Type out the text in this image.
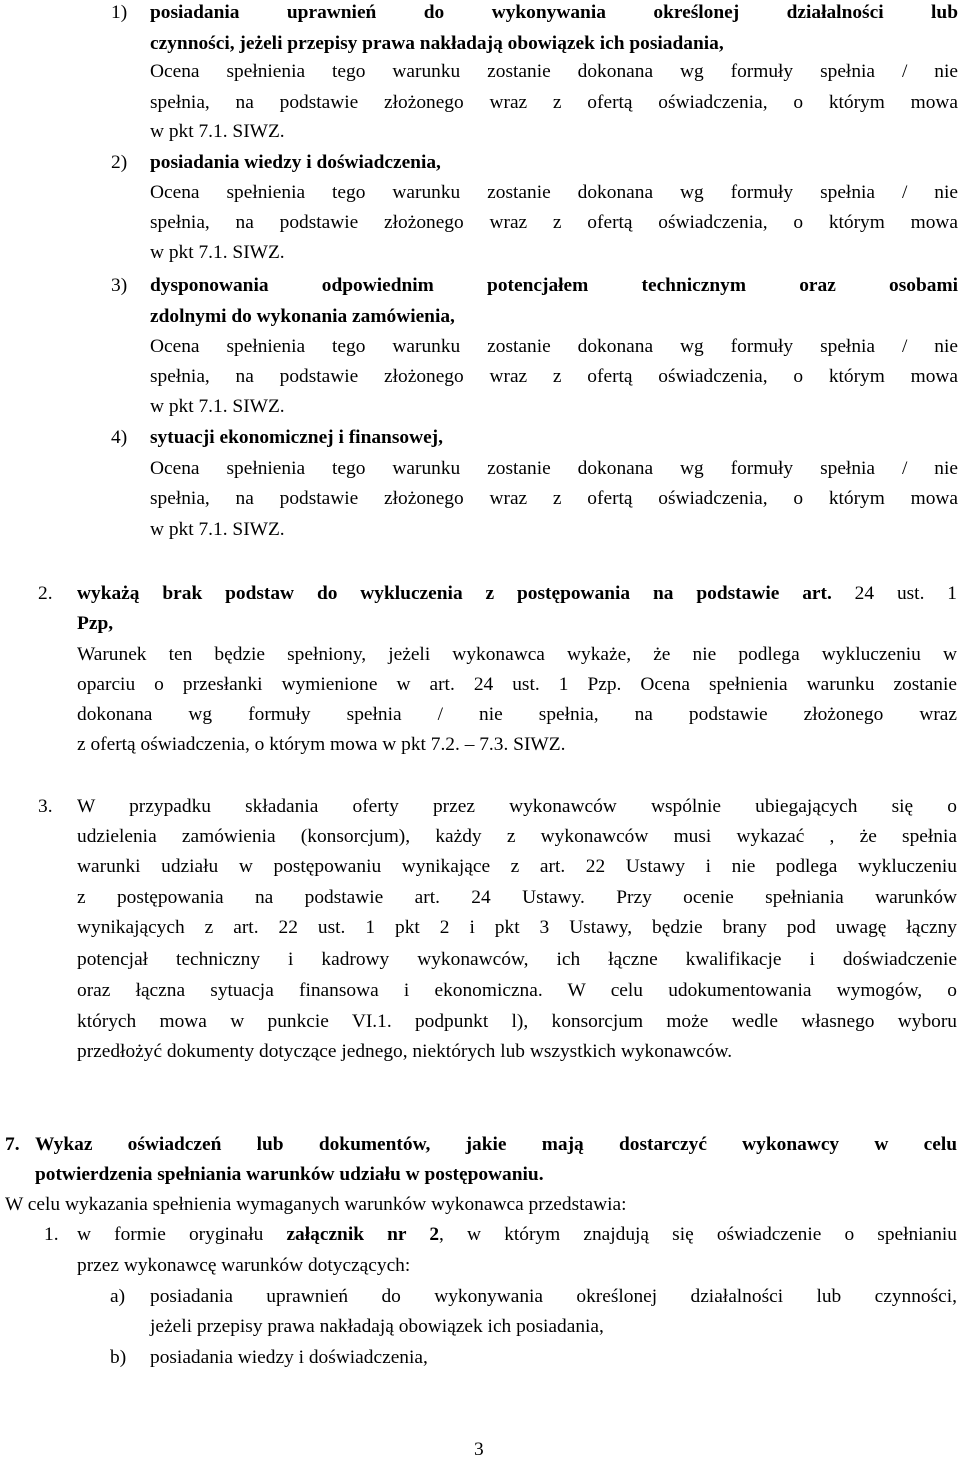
1) posiadania uprawnień do wykonywania określonej działalności lub
czynności, jeżeli przepisy prawa nakładają obowiązek ich posiadania,
Ocena spełnienia tego warunku zostanie dokonana wg formuły spełnia / nie
spełnia, na podstawie złożonego wraz z ofertą oświadczenia, o którym mowa
w pkt 7.1. SIWZ.
2) posiadania wiedzy i doświadczenia,
Ocena spełnienia tego warunku zostanie dokonana wg formuły spełnia / nie
spełnia, na podstawie złożonego wraz z ofertą oświadczenia, o którym mowa
w pkt 7.1. SIWZ.
3) dysponowania odpowiednim potencjałem technicznym oraz osobami
zdolnymi do wykonania zamówienia,
Ocena spełnienia tego warunku zostanie dokonana wg formuły spełnia / nie
spełnia, na podstawie złożonego wraz z ofertą oświadczenia, o którym mowa
w pkt 7.1. SIWZ.
4) sytuacji ekonomicznej i finansowej,
Ocena spełnienia tego warunku zostanie dokonana wg formuły spełnia / nie
spełnia, na podstawie złożonego wraz z ofertą oświadczenia, o którym mowa
w pkt 7.1. SIWZ.
2. wykażą brak podstaw do wykluczenia z postępowania na podstawie art. 24 ust. 1
Pzp,
Warunek ten będzie spełniony, jeżeli wykonawca wykaże, że nie podlega wykluczeniu w
oparciu o przesłanki wymienione w art. 24 ust. 1 Pzp. Ocena spełnienia warunku zostanie
dokonana wg formuły spełnia / nie spełnia, na podstawie złożonego wraz
z ofertą oświadczenia, o którym mowa w pkt 7.2. – 7.3. SIWZ.
3. W przypadku składania oferty przez wykonawców wspólnie ubiegających się o
udzielenia zamówienia (konsorcjum), każdy z wykonawców musi wykazać , że spełnia
warunki udziału w postępowaniu wynikające z art. 22 Ustawy i nie podlega wykluczeniu
z postępowania na podstawie art. 24 Ustawy. Przy ocenie spełniania warunków
wynikających z art. 22 ust. 1 pkt 2 i pkt 3 Ustawy, będzie brany pod uwagę łączny
potencjał techniczny i kadrowy wykonawców, ich łączne kwalifikacje i doświadczenie
oraz łączna sytuacja finansowa i ekonomiczna. W celu udokumentowania wymogów, o
których mowa w punkcie VI.1. podpunkt l), konsorcjum może wedle własnego wyboru
przedłożyć dokumenty dotyczące jednego, niektórych lub wszystkich wykonawców.
7. Wykaz oświadczeń lub dokumentów, jakie mają dostarczyć wykonawcy w celu
potwierdzenia spełniania warunków udziału w postępowaniu.
W celu wykazania spełnienia wymaganych warunków wykonawca przedstawia:
1. w formie oryginału załącznik nr 2, w którym znajdują się oświadczenie o spełnianiu
przez wykonawcę warunków dotyczących:
a) posiadania uprawnień do wykonywania określonej działalności lub czynności,
jeżeli przepisy prawa nakładają obowiązek ich posiadania,
b) posiadania wiedzy i doświadczenia,
3
